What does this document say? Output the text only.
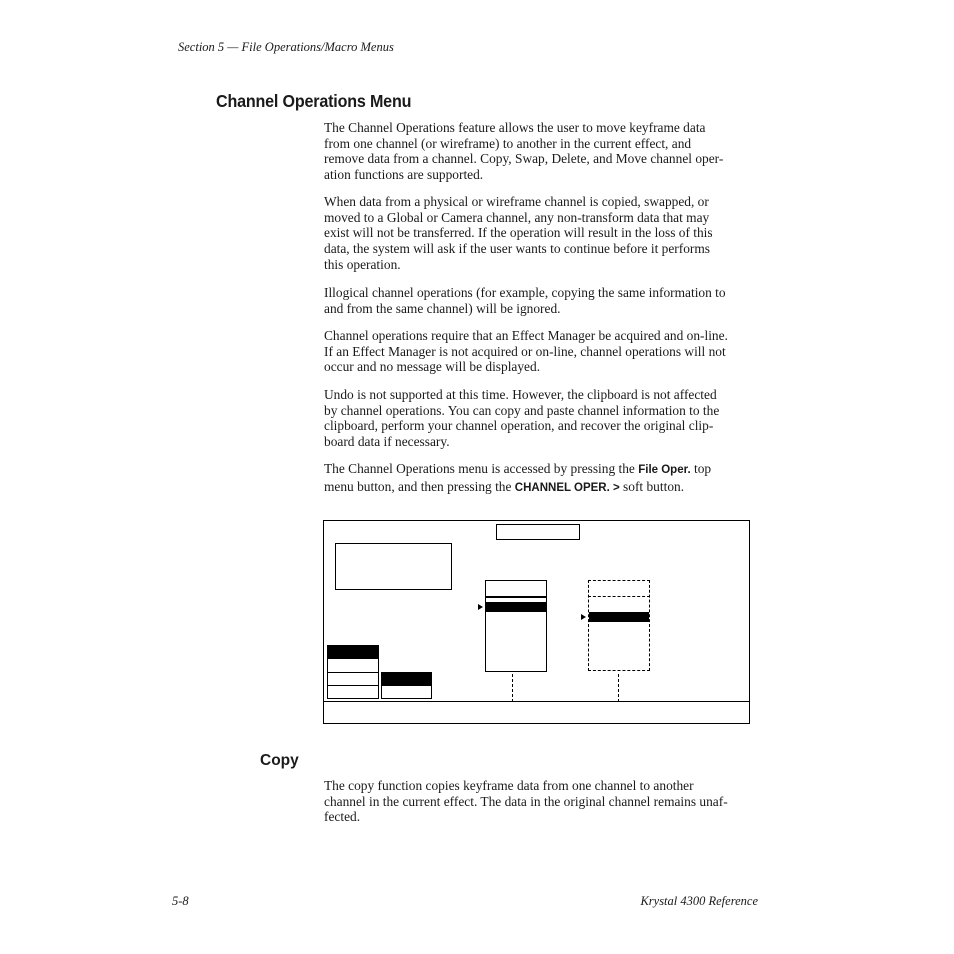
Section 5 — File Operations/Macro Menus
Channel Operations Menu
The Channel Operations feature allows the user to move keyframe data
from one channel (or wireframe) to another in the current effect, and
remove data from a channel. Copy, Swap, Delete, and Move channel oper-
ation functions are supported.
When data from a physical or wireframe channel is copied, swapped, or
moved to a Global or Camera channel, any non-transform data that may
exist will not be transferred. If the operation will result in the loss of this
data, the system will ask if the user wants to continue before it performs
this operation.
Illogical channel operations (for example, copying the same information to
and from the same channel) will be ignored.
Channel operations require that an Effect Manager be acquired and on-line.
If an Effect Manager is not acquired or on-line, channel operations will not
occur and no message will be displayed.
Undo is not supported at this time. However, the clipboard is not affected
by channel operations. You can copy and paste channel information to the
clipboard, perform your channel operation, and recover the original clip-
board data if necessary.
The Channel Operations menu is accessed by pressing the File Oper. top
menu button, and then pressing the CHANNEL OPER. > soft button.
Copy
The copy function copies keyframe data from one channel to another
channel in the current effect. The data in the original channel remains unaf-
fected.
5-8	Krystal 4300 Reference
